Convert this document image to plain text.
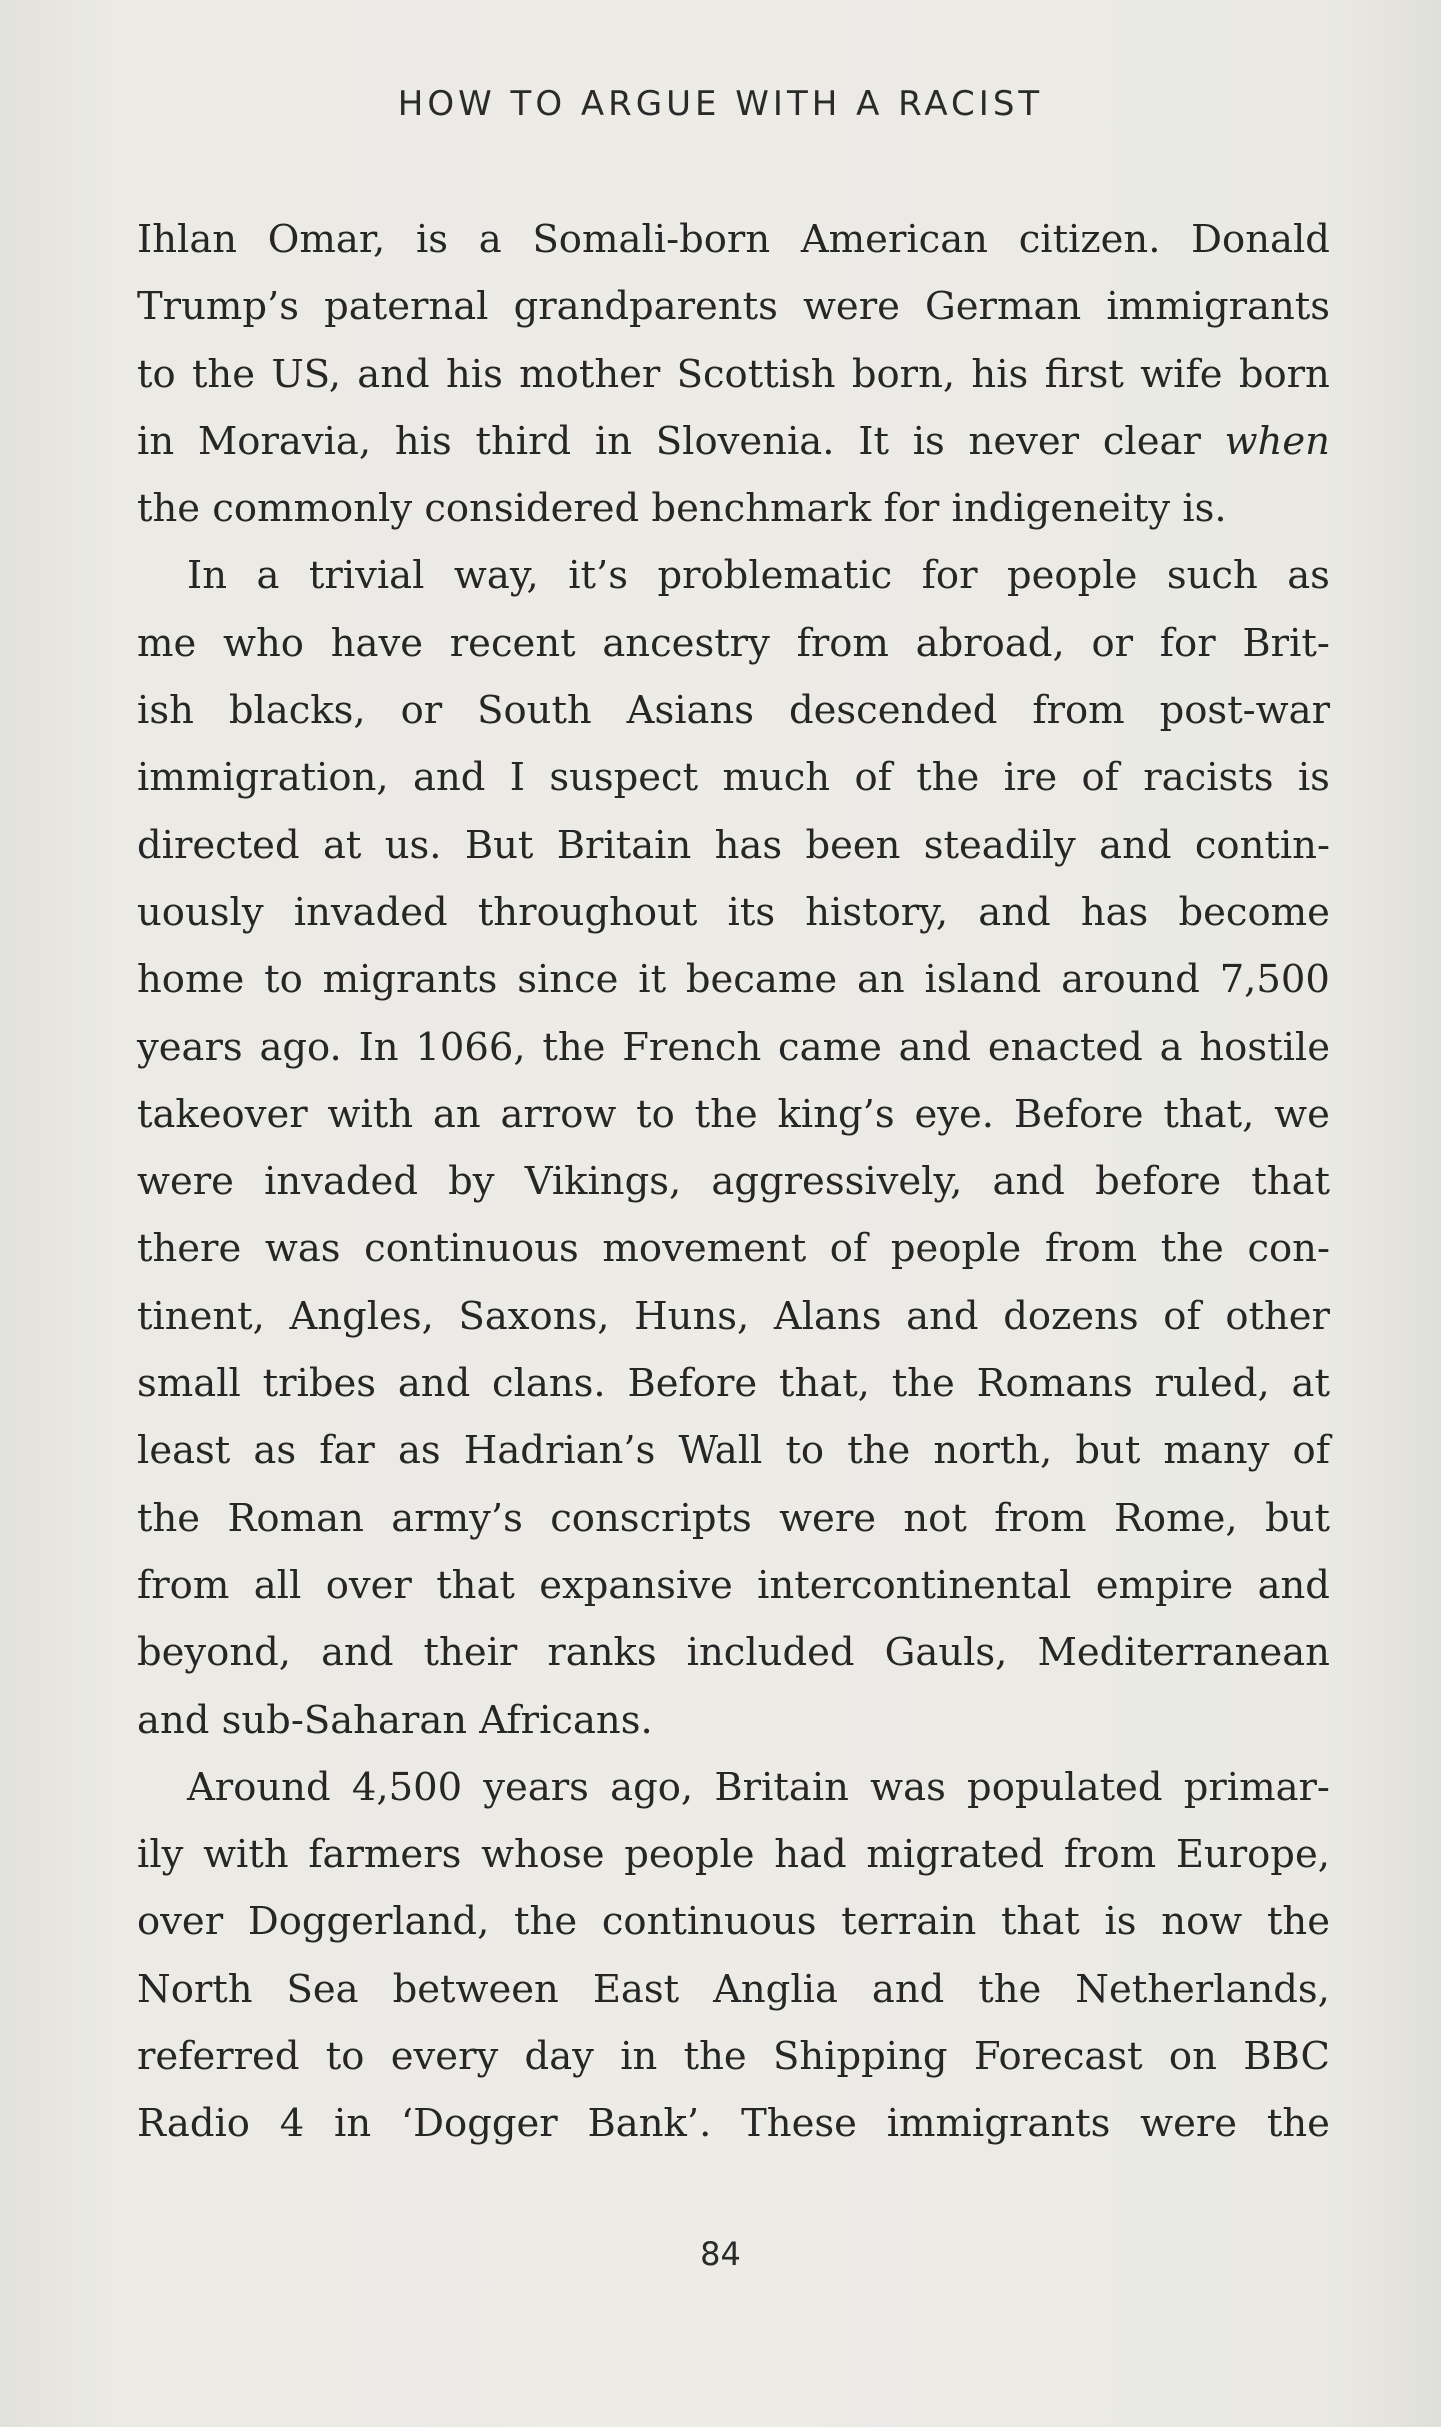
HOW TO ARGUE WITH A RACIST
Ihlan Omar, is a Somali-born American citizen. Donald
Trump’s paternal grandparents were German immigrants
to the US, and his mother Scottish born, his first wife born
in Moravia, his third in Slovenia. It is never clear when
the commonly considered benchmark for indigeneity is.
In a trivial way, it’s problematic for people such as
me who have recent ancestry from abroad, or for Brit-
ish blacks, or South Asians descended from post-war
immigration, and I suspect much of the ire of racists is
directed at us. But Britain has been steadily and contin-
uously invaded throughout its history, and has become
home to migrants since it became an island around 7,500
years ago. In 1066, the French came and enacted a hostile
takeover with an arrow to the king’s eye. Before that, we
were invaded by Vikings, aggressively, and before that
there was continuous movement of people from the con-
tinent, Angles, Saxons, Huns, Alans and dozens of other
small tribes and clans. Before that, the Romans ruled, at
least as far as Hadrian’s Wall to the north, but many of
the Roman army’s conscripts were not from Rome, but
from all over that expansive intercontinental empire and
beyond, and their ranks included Gauls, Mediterranean
and sub-Saharan Africans.
Around 4,500 years ago, Britain was populated primar-
ily with farmers whose people had migrated from Europe,
over Doggerland, the continuous terrain that is now the
North Sea between East Anglia and the Netherlands,
referred to every day in the Shipping Forecast on BBC
Radio 4 in ‘Dogger Bank’. These immigrants were the
84
